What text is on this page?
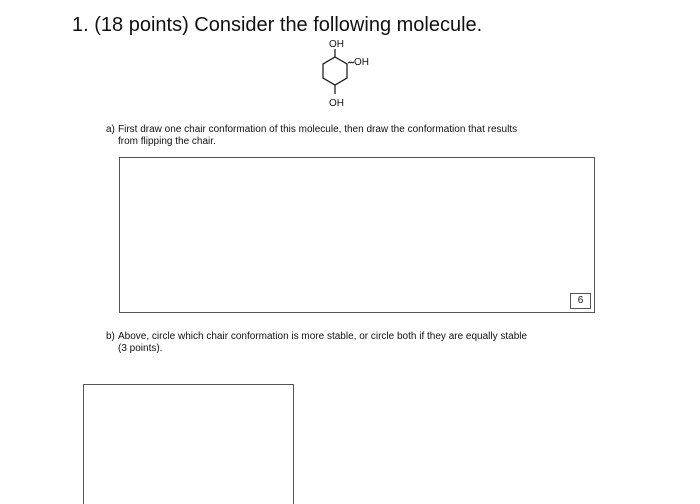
1. (18 points) Consider the following molecule.
OH
OH
OH
a) First draw one chair conformation of this molecule, then draw the conformation that results
from flipping the chair.
6
b) Above, circle which chair conformation is more stable, or circle both if they are equally stable
(3 points).
